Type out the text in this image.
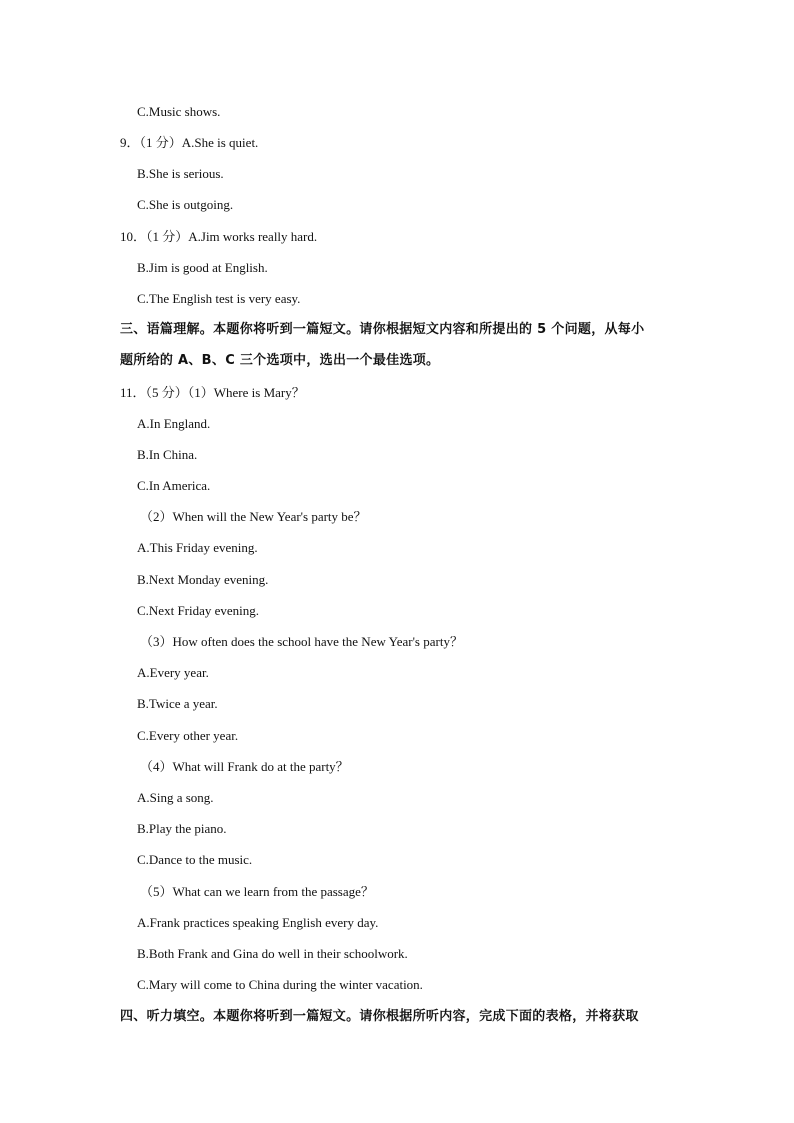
C.Music shows.
9．（1 分）A.She is quiet.
B.She is serious.
C.She is outgoing.
10．（1 分）A.Jim works really hard.
B.Jim is good at English.
C.The English test is very easy.
三、语篇理解。本题你将听到一篇短文。请你根据短文内容和所提出的 5 个问题，从每小
题所给的 A、B、C 三个选项中，选出一个最佳选项。
11．（5 分）（1）Where is Mary？
A.In England.
B.In China.
C.In America.
（2）When will the New Year's party be？
A.This Friday evening.
B.Next Monday evening.
C.Next Friday evening.
（3）How often does the school have the New Year's party？
A.Every year.
B.Twice a year.
C.Every other year.
（4）What will Frank do at the party？
A.Sing a song.
B.Play the piano.
C.Dance to the music.
（5）What can we learn from the passage？
A.Frank practices speaking English every day.
B.Both Frank and Gina do well in their schoolwork.
C.Mary will come to China during the winter vacation.
四、听力填空。本题你将听到一篇短文。请你根据所听内容，完成下面的表格，并将获取
